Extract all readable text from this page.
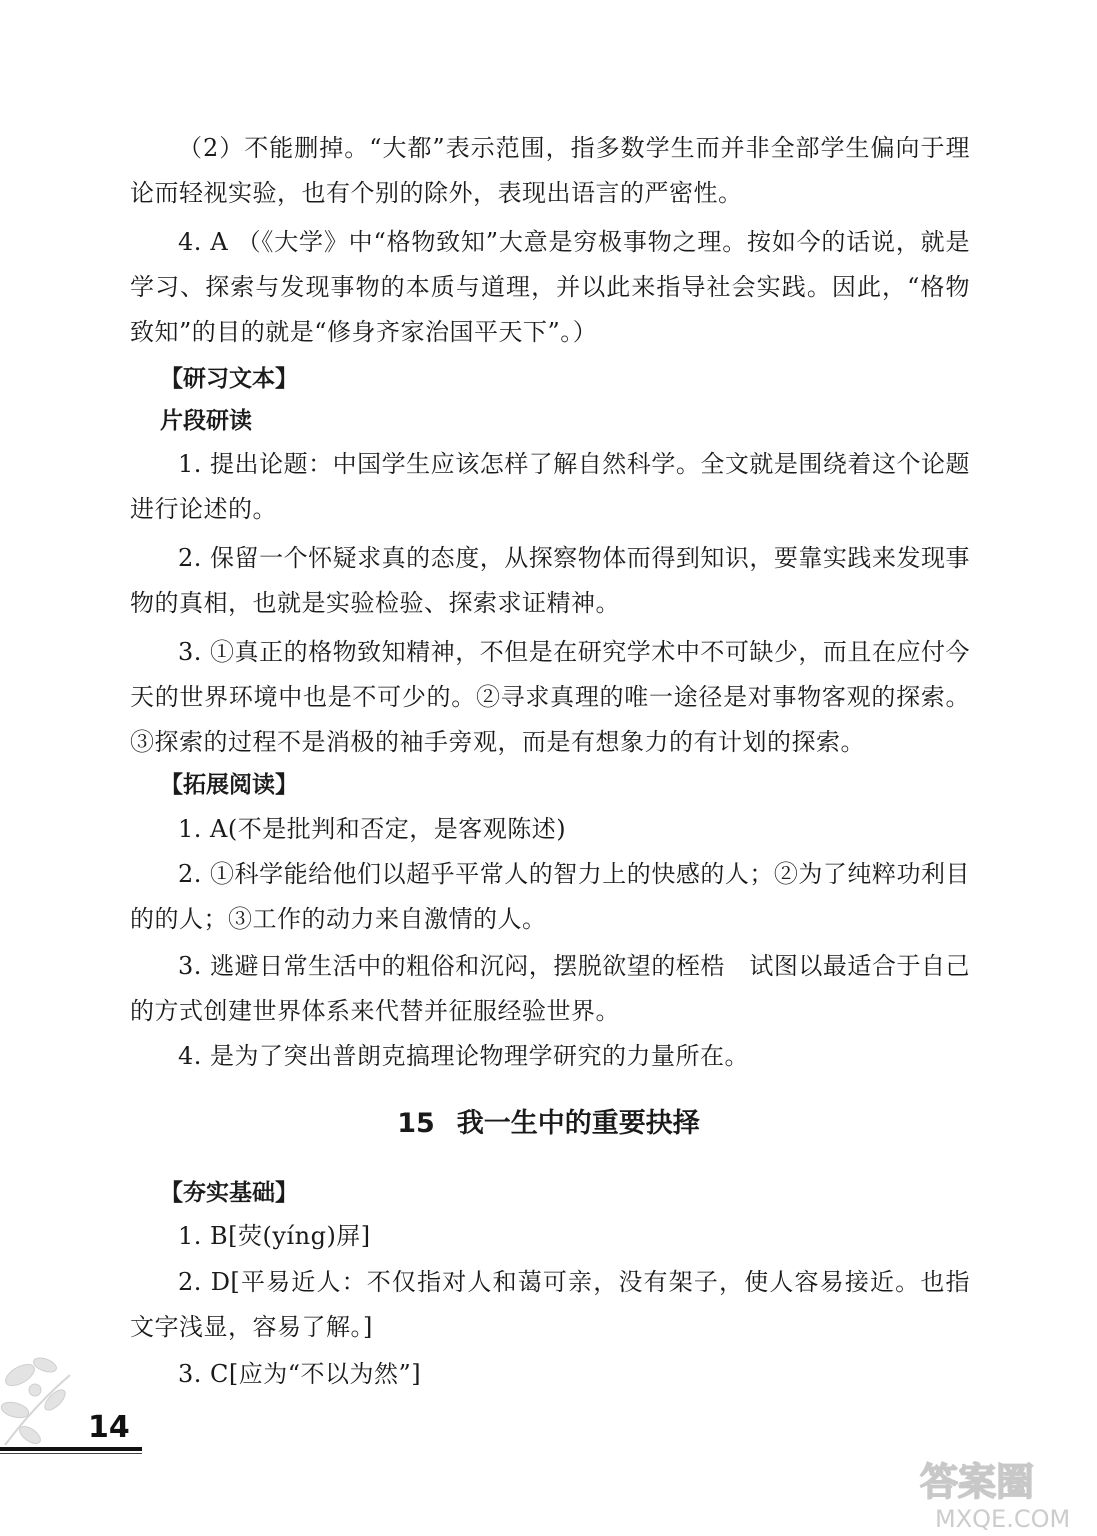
（2）不能删掉。“大都”表示范围，指多数学生而并非全部学生偏向于理论而轻视实验，也有个别的除外，表现出语言的严密性。

4. A （《大学》中“格物致知”大意是穷极事物之理。按如今的话说，就是学习、探索与发现事物的本质与道理，并以此来指导社会实践。因此，“格物致知”的目的就是“修身齐家治国平天下”。）

【研习文本】
片段研读

1. 提出论题：中国学生应该怎样了解自然科学。全文就是围绕着这个论题进行论述的。

2. 保留一个怀疑求真的态度，从探察物体而得到知识，要靠实践来发现事物的真相，也就是实验检验、探索求证精神。

3. ①真正的格物致知精神，不但是在研究学术中不可缺少，而且在应付今天的世界环境中也是不可少的。②寻求真理的唯一途径是对事物客观的探索。③探索的过程不是消极的袖手旁观，而是有想象力的有计划的探索。

【拓展阅读】

1. A(不是批判和否定，是客观陈述)

2. ①科学能给他们以超乎平常人的智力上的快感的人；②为了纯粹功利目的的人；③工作的动力来自激情的人。

3. 逃避日常生活中的粗俗和沉闷，摆脱欲望的桎梏　试图以最适合于自己的方式创建世界体系来代替并征服经验世界。

4. 是为了突出普朗克搞理论物理学研究的力量所在。

15 我一生中的重要抉择
【夯实基础】

1. B[荧(yíng)屏]

2. D[平易近人：不仅指对人和蔼可亲，没有架子，使人容易接近。也指文字浅显，容易了解。]

3. C[应为“不以为然”]

14
答案圈
MXQE.COM
